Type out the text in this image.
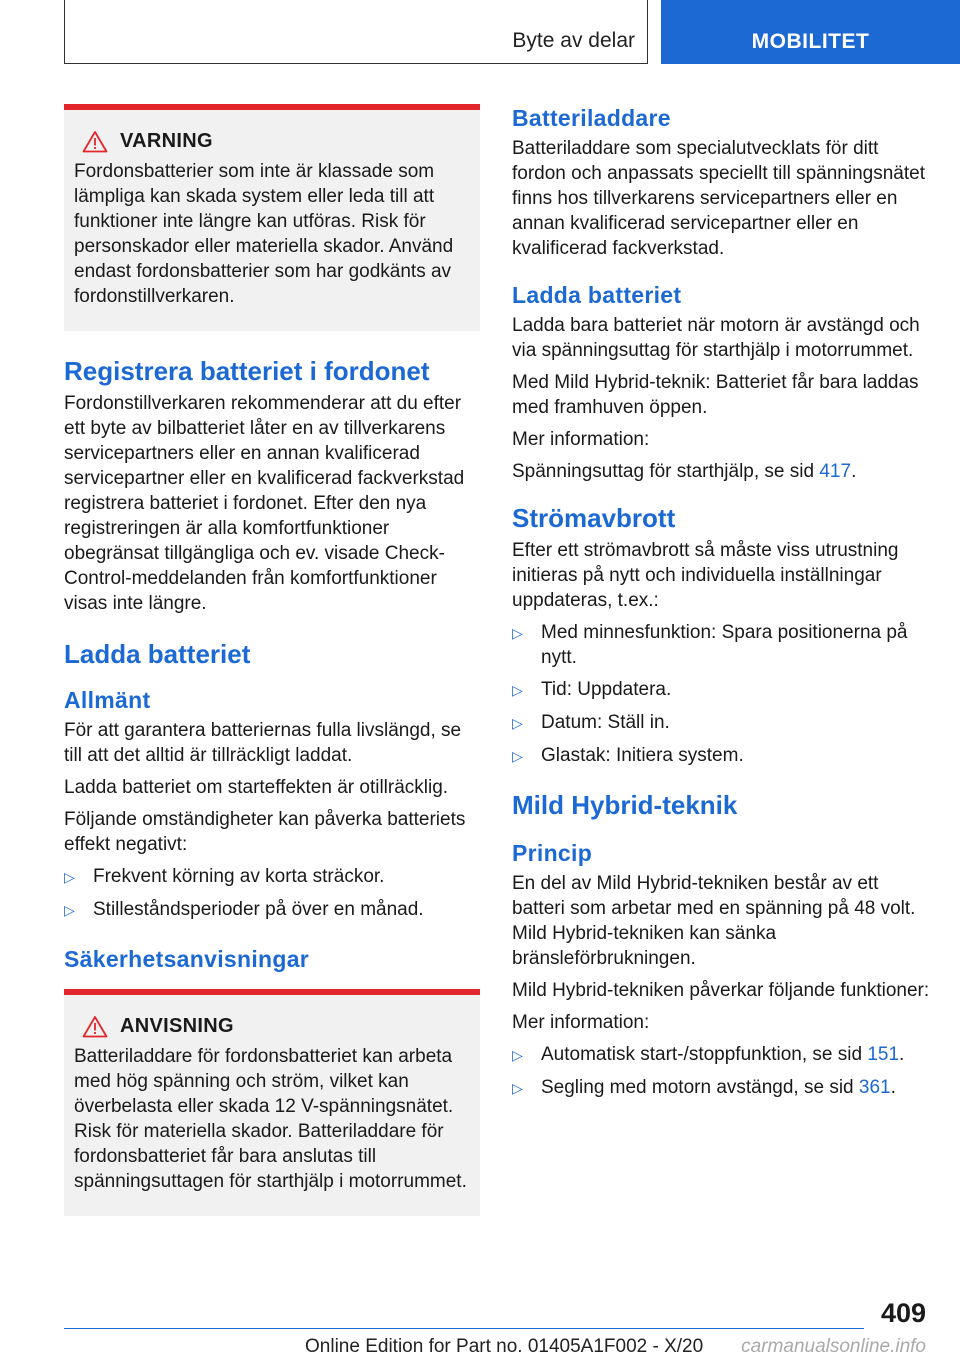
Byte av delar	MOBILITET
VARNING

Fordonsbatterier som inte är klassade som lämpliga kan skada system eller leda till att funktioner inte längre kan utföras. Risk för personskador eller materiella skador. Använd endast fordonsbatterier som har godkänts av fordonstillverkaren.

Registrera batteriet i fordonet

Fordonstillverkaren rekommenderar att du efter ett byte av bilbatteriet låter en av tillverkarens servicepartners eller en annan kvalificerad servicepartner eller en kvalificerad fackverkstad registrera batteriet i fordonet. Efter den nya registreringen är alla komfortfunktioner obegränsat tillgängliga och ev. visade Check-Control-meddelanden från komfortfunktioner visas inte längre.

Ladda batteriet
Allmänt

För att garantera batteriernas fulla livslängd, se till att det alltid är tillräckligt laddat.

Ladda batteriet om starteffekten är otillräcklig.

Följande omständigheter kan påverka batteriets effekt negativt:

▷ Frekvent körning av korta sträckor.
▷ Stilleståndsperioder på över en månad.
Säkerhetsanvisningar
ANVISNING

Batteriladdare för fordonsbatteriet kan arbeta med hög spänning och ström, vilket kan överbelasta eller skada 12 V-spänningsnätet. Risk för materiella skador. Batteriladdare för fordonsbatteriet får bara anslutas till spänningsuttagen för starthjälp i motorrummet.

Batteriladdare

Batteriladdare som specialutvecklats för ditt fordon och anpassats speciellt till spänningsnätet finns hos tillverkarens servicepartners eller en annan kvalificerad servicepartner eller en kvalificerad fackverkstad.

Ladda batteriet

Ladda bara batteriet när motorn är avstängd och via spänningsuttag för starthjälp i motorrummet.

Med Mild Hybrid-teknik: Batteriet får bara laddas med framhuven öppen.

Mer information:

Spänningsuttag för starthjälp, se sid 417.

Strömavbrott

Efter ett strömavbrott så måste viss utrustning initieras på nytt och individuella inställningar uppdateras, t.ex.:

▷ Med minnesfunktion: Spara positionerna på nytt.
▷ Tid: Uppdatera.
▷ Datum: Ställ in.
▷ Glastak: Initiera system.
Mild Hybrid-teknik
Princip

En del av Mild Hybrid-tekniken består av ett batteri som arbetar med en spänning på 48 volt. Mild Hybrid-tekniken kan sänka bränsleförbrukningen.

Mild Hybrid-tekniken påverkar följande funktioner:

Mer information:

▷ Automatisk start-/stoppfunktion, se sid 151.
▷ Segling med motorn avstängd, se sid 361.
409
Online Edition for Part no. 01405A1F002 - X/20 carmanualsonline.info
